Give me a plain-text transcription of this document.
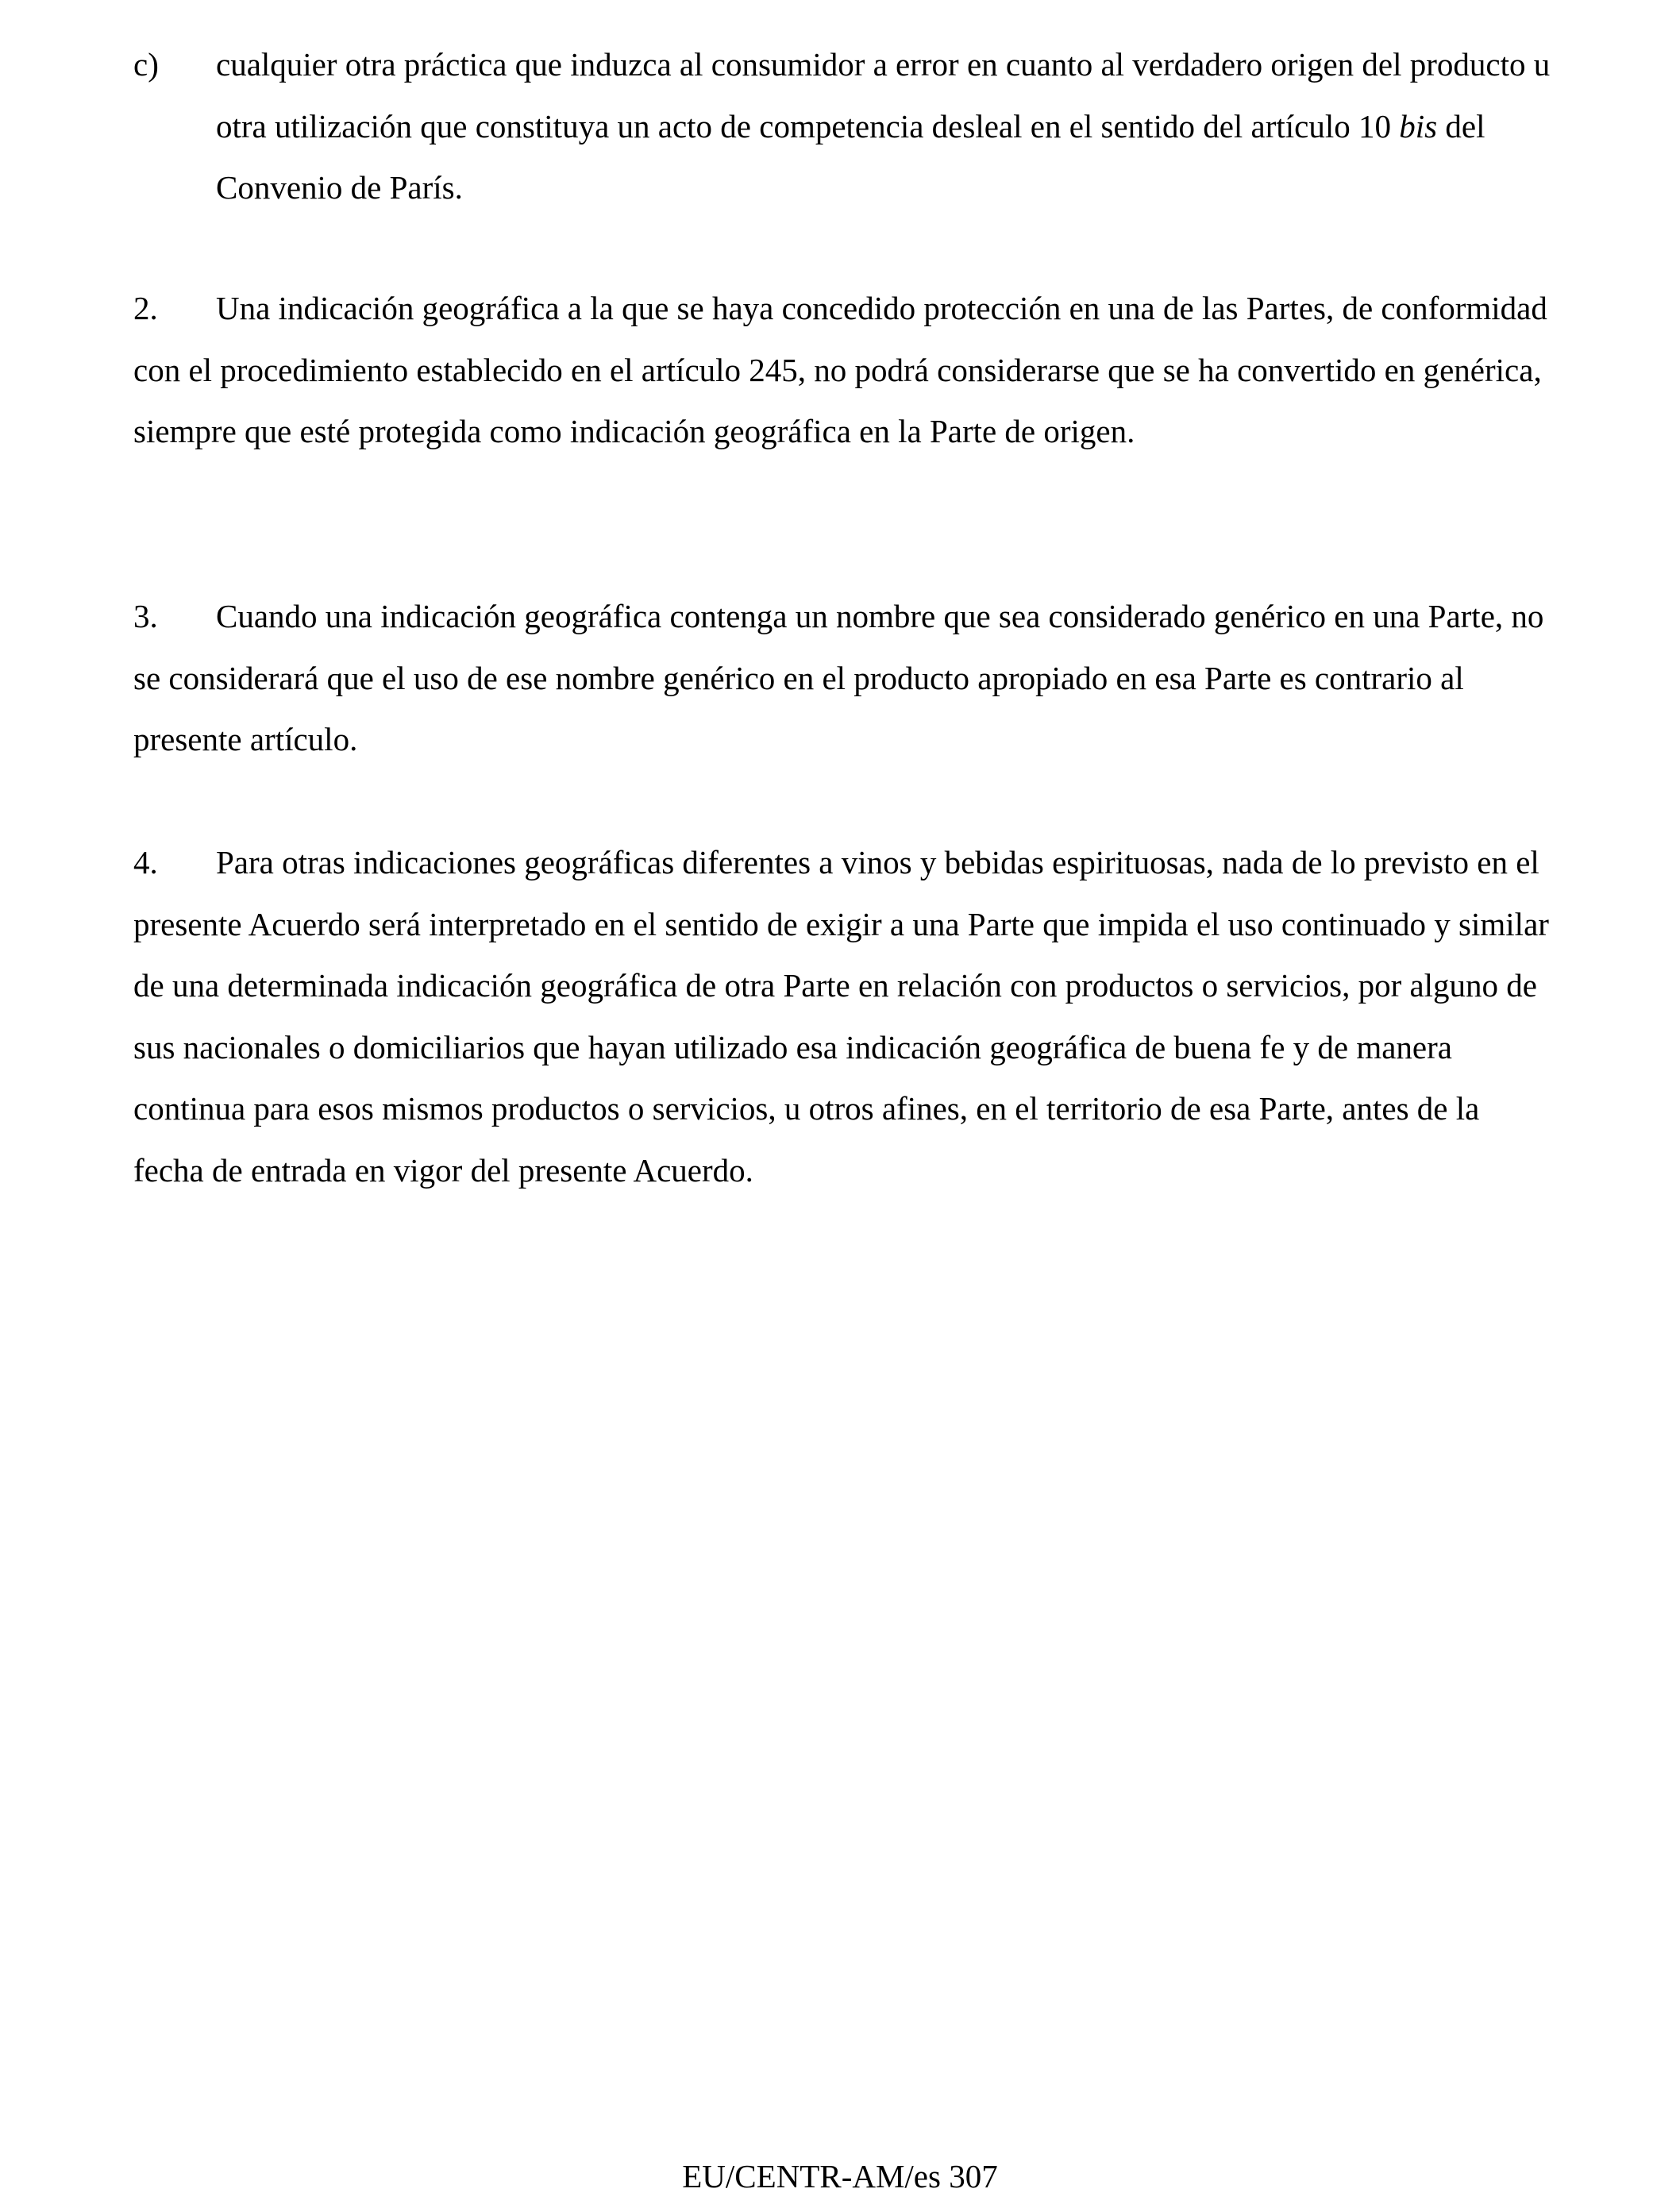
c) cualquier otra práctica que induzca al consumidor a error en cuanto al verdadero origen del producto u otra utilización que constituya un acto de competencia desleal en el sentido del artículo 10 bis del Convenio de París.
2. Una indicación geográfica a la que se haya concedido protección en una de las Partes, de conformidad con el procedimiento establecido en el artículo 245, no podrá considerarse que se ha convertido en genérica, siempre que esté protegida como indicación geográfica en la Parte de origen.
3. Cuando una indicación geográfica contenga un nombre que sea considerado genérico en una Parte, no se considerará que el uso de ese nombre genérico en el producto apropiado en esa Parte es contrario al presente artículo.
4. Para otras indicaciones geográficas diferentes a vinos y bebidas espirituosas, nada de lo previsto en el presente Acuerdo será interpretado en el sentido de exigir a una Parte que impida el uso continuado y similar de una determinada indicación geográfica de otra Parte en relación con productos o servicios, por alguno de sus nacionales o domiciliarios que hayan utilizado esa indicación geográfica de buena fe y de manera continua para esos mismos productos o servicios, u otros afines, en el territorio de esa Parte, antes de la fecha de entrada en vigor del presente Acuerdo.
EU/CENTR-AM/es 307
